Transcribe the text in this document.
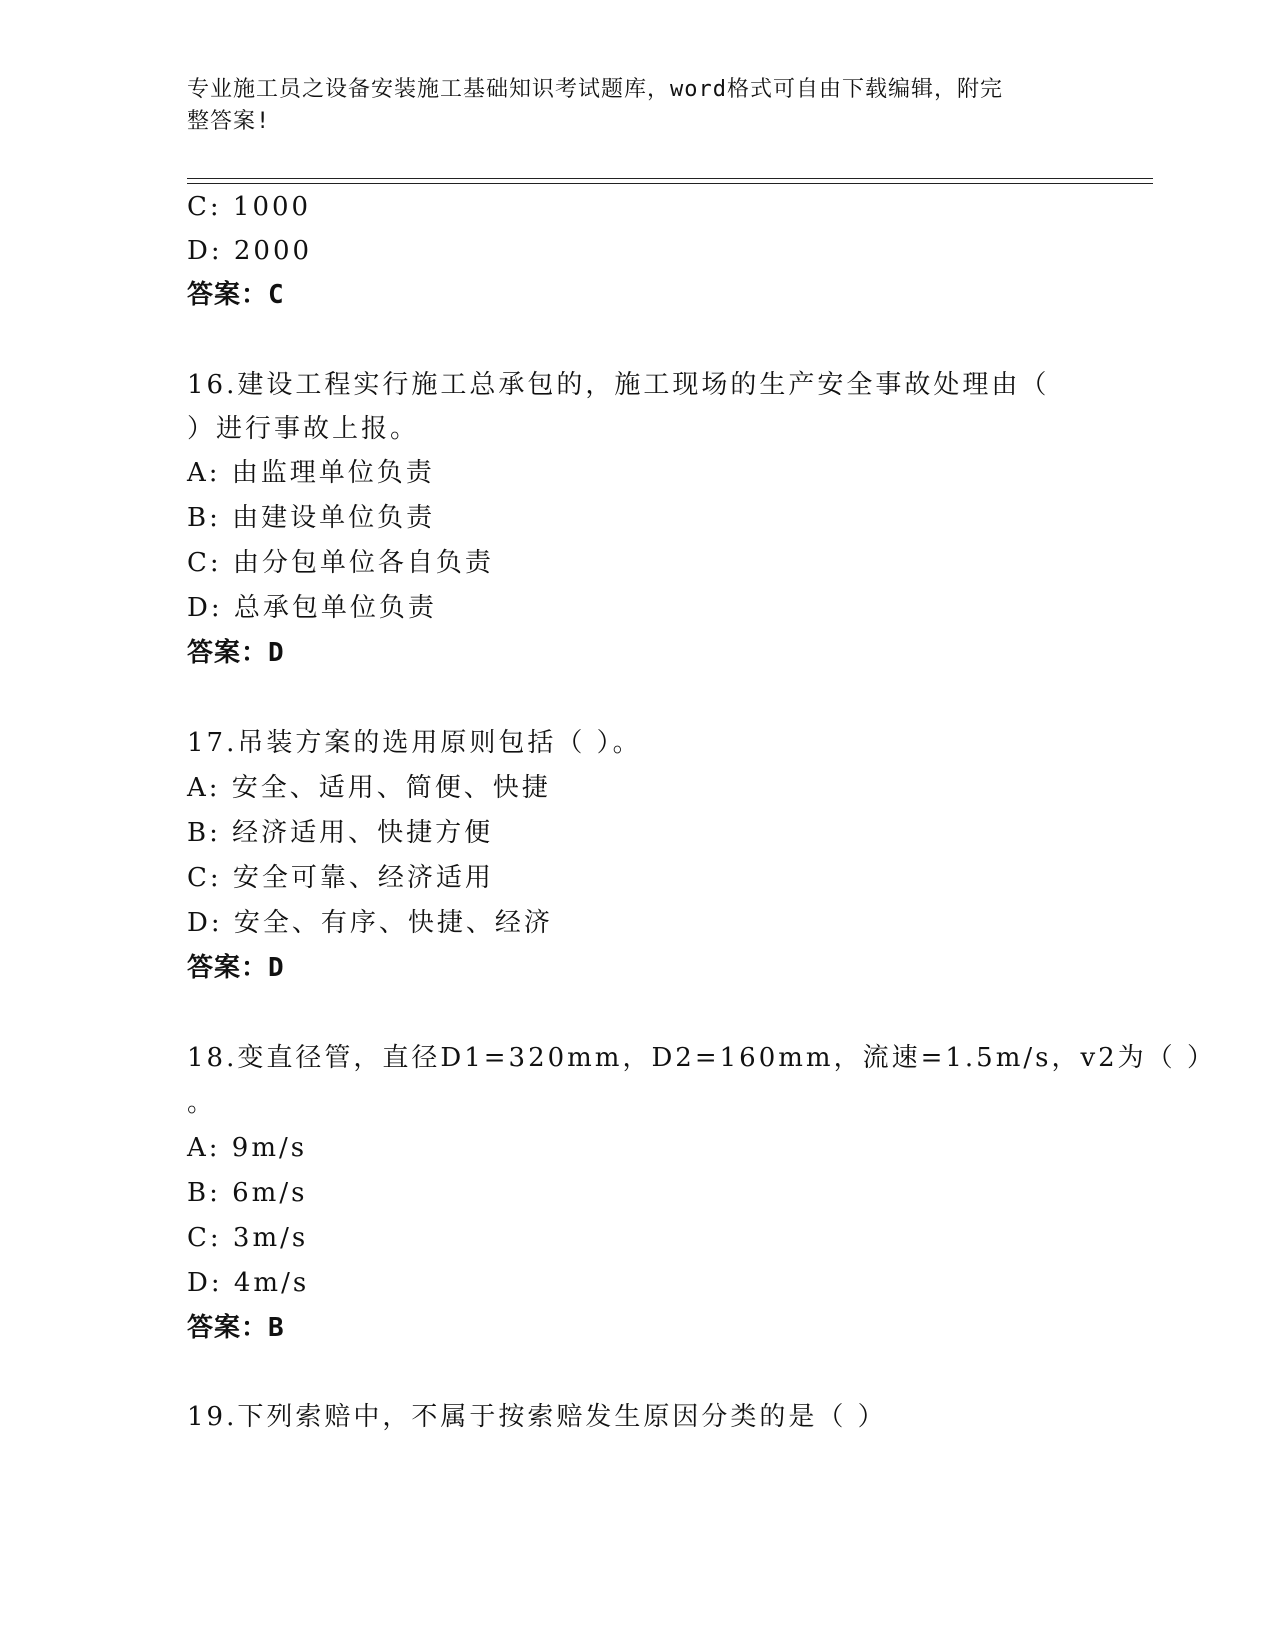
专业施工员之设备安装施工基础知识考试题库，word格式可自由下载编辑，附完
整答案!
C: 1000
D: 2000
答案：C
16.建设工程实行施工总承包的，施工现场的生产安全事故处理由（
）进行事故上报。
A: 由监理单位负责
B: 由建设单位负责
C: 由分包单位各自负责
D: 总承包单位负责
答案：D
17.吊装方案的选用原则包括（ ）。
A: 安全、适用、简便、快捷
B: 经济适用、快捷方便
C: 安全可靠、经济适用
D: 安全、有序、快捷、经济
答案：D
18.变直径管，直径D1=320mm，D2=160mm，流速=1.5m/s，v2为（ ）
。
A: 9m/s
B: 6m/s
C: 3m/s
D: 4m/s
答案：B
19.下列索赔中，不属于按索赔发生原因分类的是（ ）
